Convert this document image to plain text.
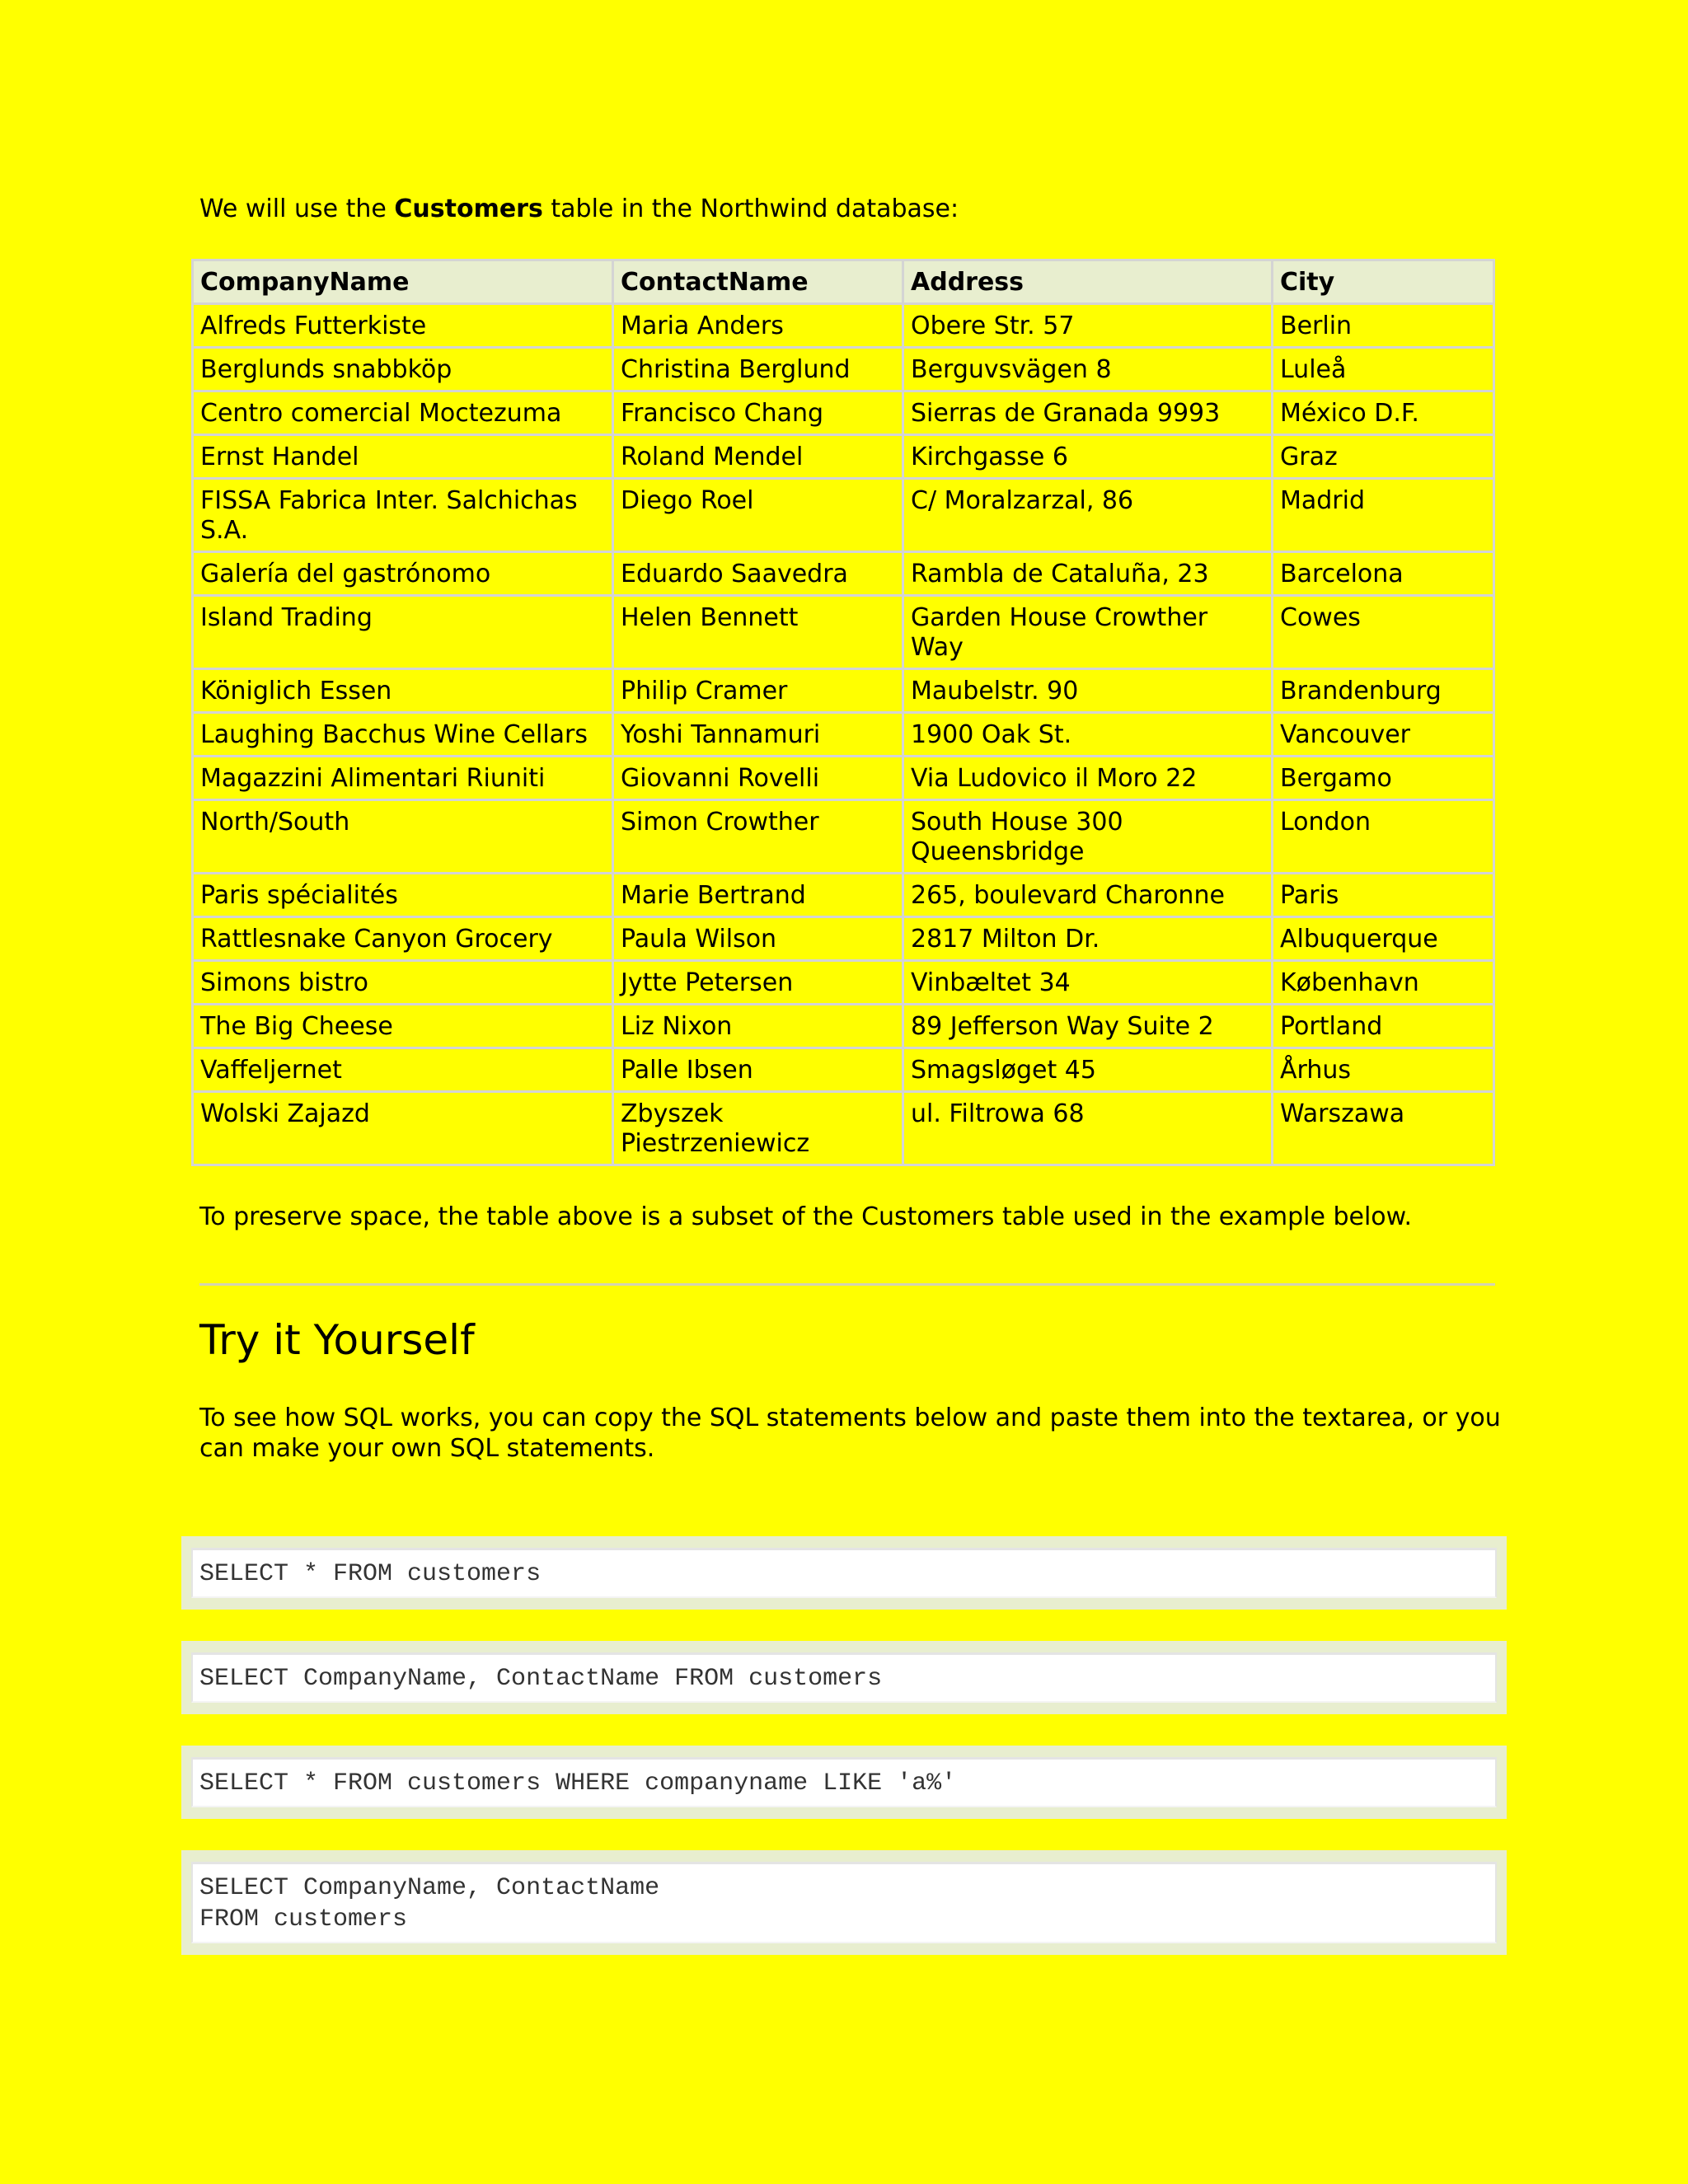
We will use the Customers table in the Northwind database:

CompanyName	ContactName	Address	City
Alfreds Futterkiste	Maria Anders	Obere Str. 57	Berlin
Berglunds snabbköp	Christina Berglund	Berguvsvägen 8	Luleå
Centro comercial Moctezuma	Francisco Chang	Sierras de Granada 9993	México D.F.
Ernst Handel	Roland Mendel	Kirchgasse 6	Graz
FISSA Fabrica Inter. Salchichas S.A.	Diego Roel	C/ Moralzarzal, 86	Madrid
Galería del gastrónomo	Eduardo Saavedra	Rambla de Cataluña, 23	Barcelona
Island Trading	Helen Bennett	Garden House Crowther Way	Cowes
Königlich Essen	Philip Cramer	Maubelstr. 90	Brandenburg
Laughing Bacchus Wine Cellars	Yoshi Tannamuri	1900 Oak St.	Vancouver
Magazzini Alimentari Riuniti	Giovanni Rovelli	Via Ludovico il Moro 22	Bergamo
North/South	Simon Crowther	South House 300 Queensbridge	London
Paris spécialités	Marie Bertrand	265, boulevard Charonne	Paris
Rattlesnake Canyon Grocery	Paula Wilson	2817 Milton Dr.	Albuquerque
Simons bistro	Jytte Petersen	Vinbæltet 34	København
The Big Cheese	Liz Nixon	89 Jefferson Way Suite 2	Portland
Vaffeljernet	Palle Ibsen	Smagsløget 45	Århus
Wolski Zajazd	Zbyszek Piestrzeniewicz	ul. Filtrowa 68	Warszawa

To preserve space, the table above is a subset of the Customers table used in the example below.

Try it Yourself

To see how SQL works, you can copy the SQL statements below and paste them into the textarea, or you can make your own SQL statements.

SELECT * FROM customers
SELECT CompanyName, ContactName FROM customers
SELECT * FROM customers WHERE companyname LIKE 'a%'
SELECT CompanyName, ContactName
FROM customers
